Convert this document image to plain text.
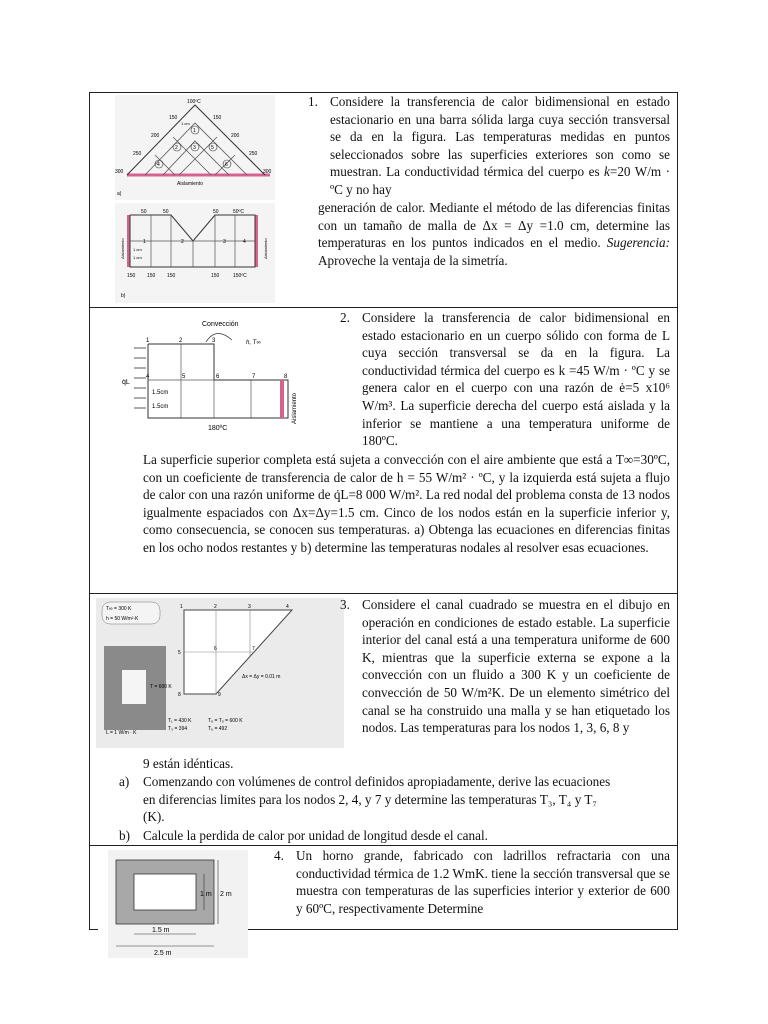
100ºC
150
200
250
300
150
200
250
300
1
2	3
4
5
6
1 cm
Aislamiento
a)
50	50	50	50ºC
1	2	3	4
1 cm
1 cm
150 150 150	150	150ºC
Aislamiento	Aislamiento
b)
1. Considere la transferencia de calor bidimensional en estado estacionario en una barra sólida larga cuya sección transversal se da en la figura. Las temperaturas medidas en puntos seleccionados sobre las superficies exteriores son como se muestran. La conductividad térmica del cuerpo es k=20 W/m · ºC y no hay
generación de calor. Mediante el método de las diferencias finitas con un tamaño de malla de Δx = Δy =1.0 cm, determine las temperaturas en los puntos indicados en el medio. Sugerencia: Aproveche la ventaja de la simetría.
Convección
h, T∞
q̇L
1	2	3
4	5	6	7	8
1.5cm
1.5cm
180ºC
Aislamiento
2. Considere la transferencia de calor bidimensional en estado estacionario en un cuerpo sólido con forma de L cuya sección transversal se da en la figura. La conductividad térmica del cuerpo es k =45 W/m · ºC y se genera calor en el cuerpo con una razón de ė=5 x10⁶ W/m³. La superficie derecha del cuerpo está aislada y la inferior se mantiene a una temperatura uniforme de 180ºC.
La superficie superior completa está sujeta a convección con el aire ambiente que está a T∞=30ºC, con un coeficiente de transferencia de calor de h = 55 W/m² · ºC, y la izquierda está sujeta a flujo de calor con una razón uniforme de q̇L=8 000 W/m². La red nodal del problema consta de 13 nodos igualmente espaciados con Δx=Δy=1.5 cm. Cinco de los nodos están en la superficie inferior y, como consecuencia, se conocen sus temperaturas. a) Obtenga las ecuaciones en diferencias finitas en los ocho nodos restantes y b) determine las temperaturas nodales al resolver esas ecuaciones.
T∞ = 300 K
h = 50 W/m²·K
T = 600 K
L = 1 W/m · K
Δx = Δy = 0.01 m
T₁ = 430 K
T₃ = 394
T₈ = T₉ = 600 K
T₆ = 492
1	2	3	4
5
6	7
8	9
3. Considere el canal cuadrado se muestra en el dibujo en operación en condiciones de estado estable. La superficie interior del canal está a una temperatura uniforme de 600 K, mientras que la superficie externa se expone a la convección con un fluido a 300 K y un coeficiente de convección de 50 W/m²K. De un elemento simétrico del canal se ha construido una malla y se han etiquetado los nodos. Las temperaturas para los nodos 1, 3, 6, 8 y
9 están idénticas.
a) Comenzando con volúmenes de control definidos apropiadamente, derive las ecuaciones en diferencias limites para los nodos 2, 4, y 7 y determine las temperaturas T₃, T₄ y T₇ (K).
b) Calcule la perdida de calor por unidad de longitud desde el canal.
1 m 2 m
1.5 m
2.5 m
4. Un horno grande, fabricado con ladrillos refractaria con una conductividad térmica de 1.2 WmK. tiene la sección transversal que se muestra con temperaturas de las superficies interior y exterior de 600 y 60ºC, respectivamente Determine
